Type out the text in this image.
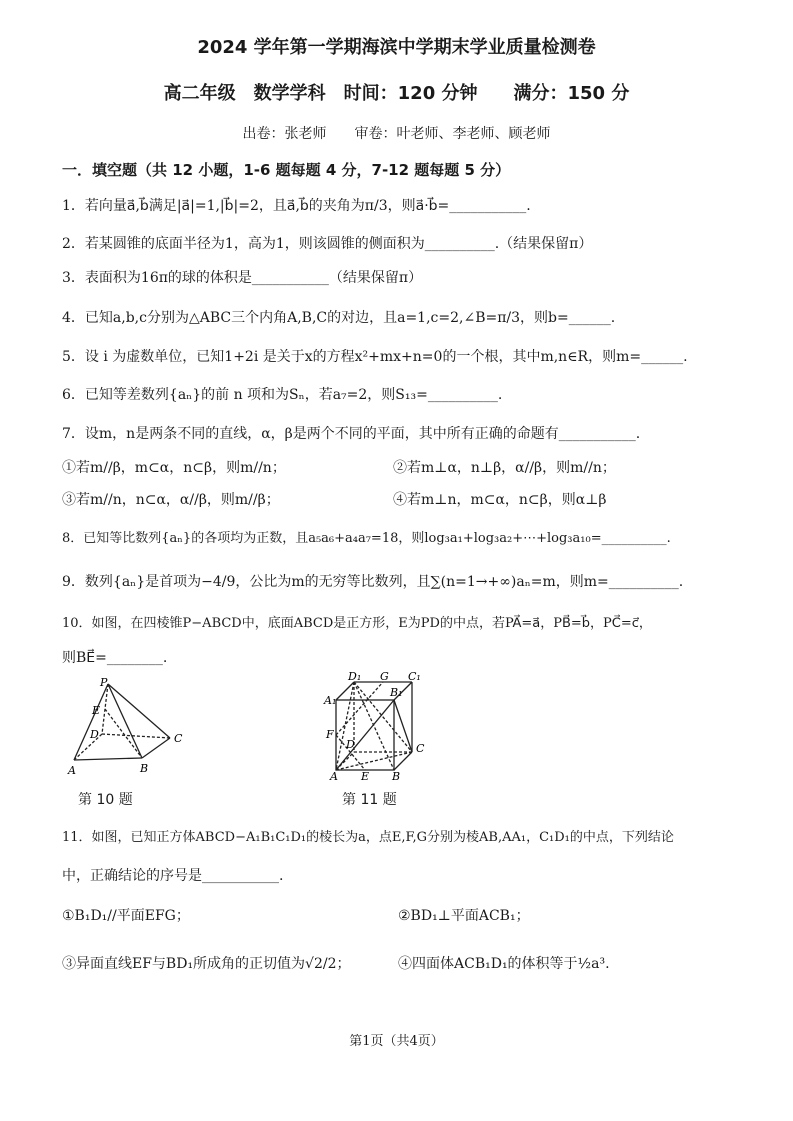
2024 学年第一学期海滨中学期末学业质量检测卷
高二年级　数学学科　时间：120 分钟　　满分：150 分
出卷：张老师　　审卷：叶老师、李老师、顾老师
一．填空题（共 12 小题，1-6 题每题 4 分，7-12 题每题 5 分）
1．若向量a⃗,b⃗满足|a⃗|=1,|b⃗|=2，且a⃗,b⃗的夹角为π/3，则a⃗·b⃗=___________.
2．若某圆锥的底面半径为1，高为1，则该圆锥的侧面积为__________.（结果保留π）
3．表面积为16π的球的体积是___________（结果保留π）
4．已知a,b,c分别为△ABC三个内角A,B,C的对边，且a=1,c=2,∠B=π/3，则b=______.
5．设 i 为虚数单位，已知1+2i 是关于x的方程x²+mx+n=0的一个根，其中m,n∈R，则m=______.
6．已知等差数列{aₙ}的前 n 项和为Sₙ，若a₇=2，则S₁₃=__________.
7．设m，n是两条不同的直线，α，β是两个不同的平面，其中所有正确的命题有___________.
①若m//β，m⊂α，n⊂β，则m//n；	②若m⊥α，n⊥β，α//β，则m//n；
③若m//n，n⊂α，α//β，则m//β；	④若m⊥n，m⊂α，n⊂β，则α⊥β
8．已知等比数列{aₙ}的各项均为正数，且a₅a₆+a₄a₇=18，则log₃a₁+log₃a₂+⋯+log₃a₁₀=__________.
9．数列{aₙ}是首项为−4/9，公比为m的无穷等比数列，且∑(n=1→+∞)aₙ=m，则m=__________.
10．如图，在四棱锥P−ABCD中，底面ABCD是正方形，E为PD的中点，若PA⃗=a⃗，PB⃗=b⃗，PC⃗=c⃗，
则BE⃗=________.
P
E
D	C
A	B
D₁ G C₁
A₁
B₁
F
D	C
A E B
第 10 题	第 11 题
11．如图，已知正方体ABCD−A₁B₁C₁D₁的棱长为a，点E,F,G分别为棱AB,AA₁，C₁D₁的中点，下列结论
中，正确结论的序号是___________.
①B₁D₁//平面EFG；	②BD₁⊥平面ACB₁；
③异面直线EF与BD₁所成角的正切值为√2/2；	④四面体ACB₁D₁的体积等于½a³.
第1页（共4页）
